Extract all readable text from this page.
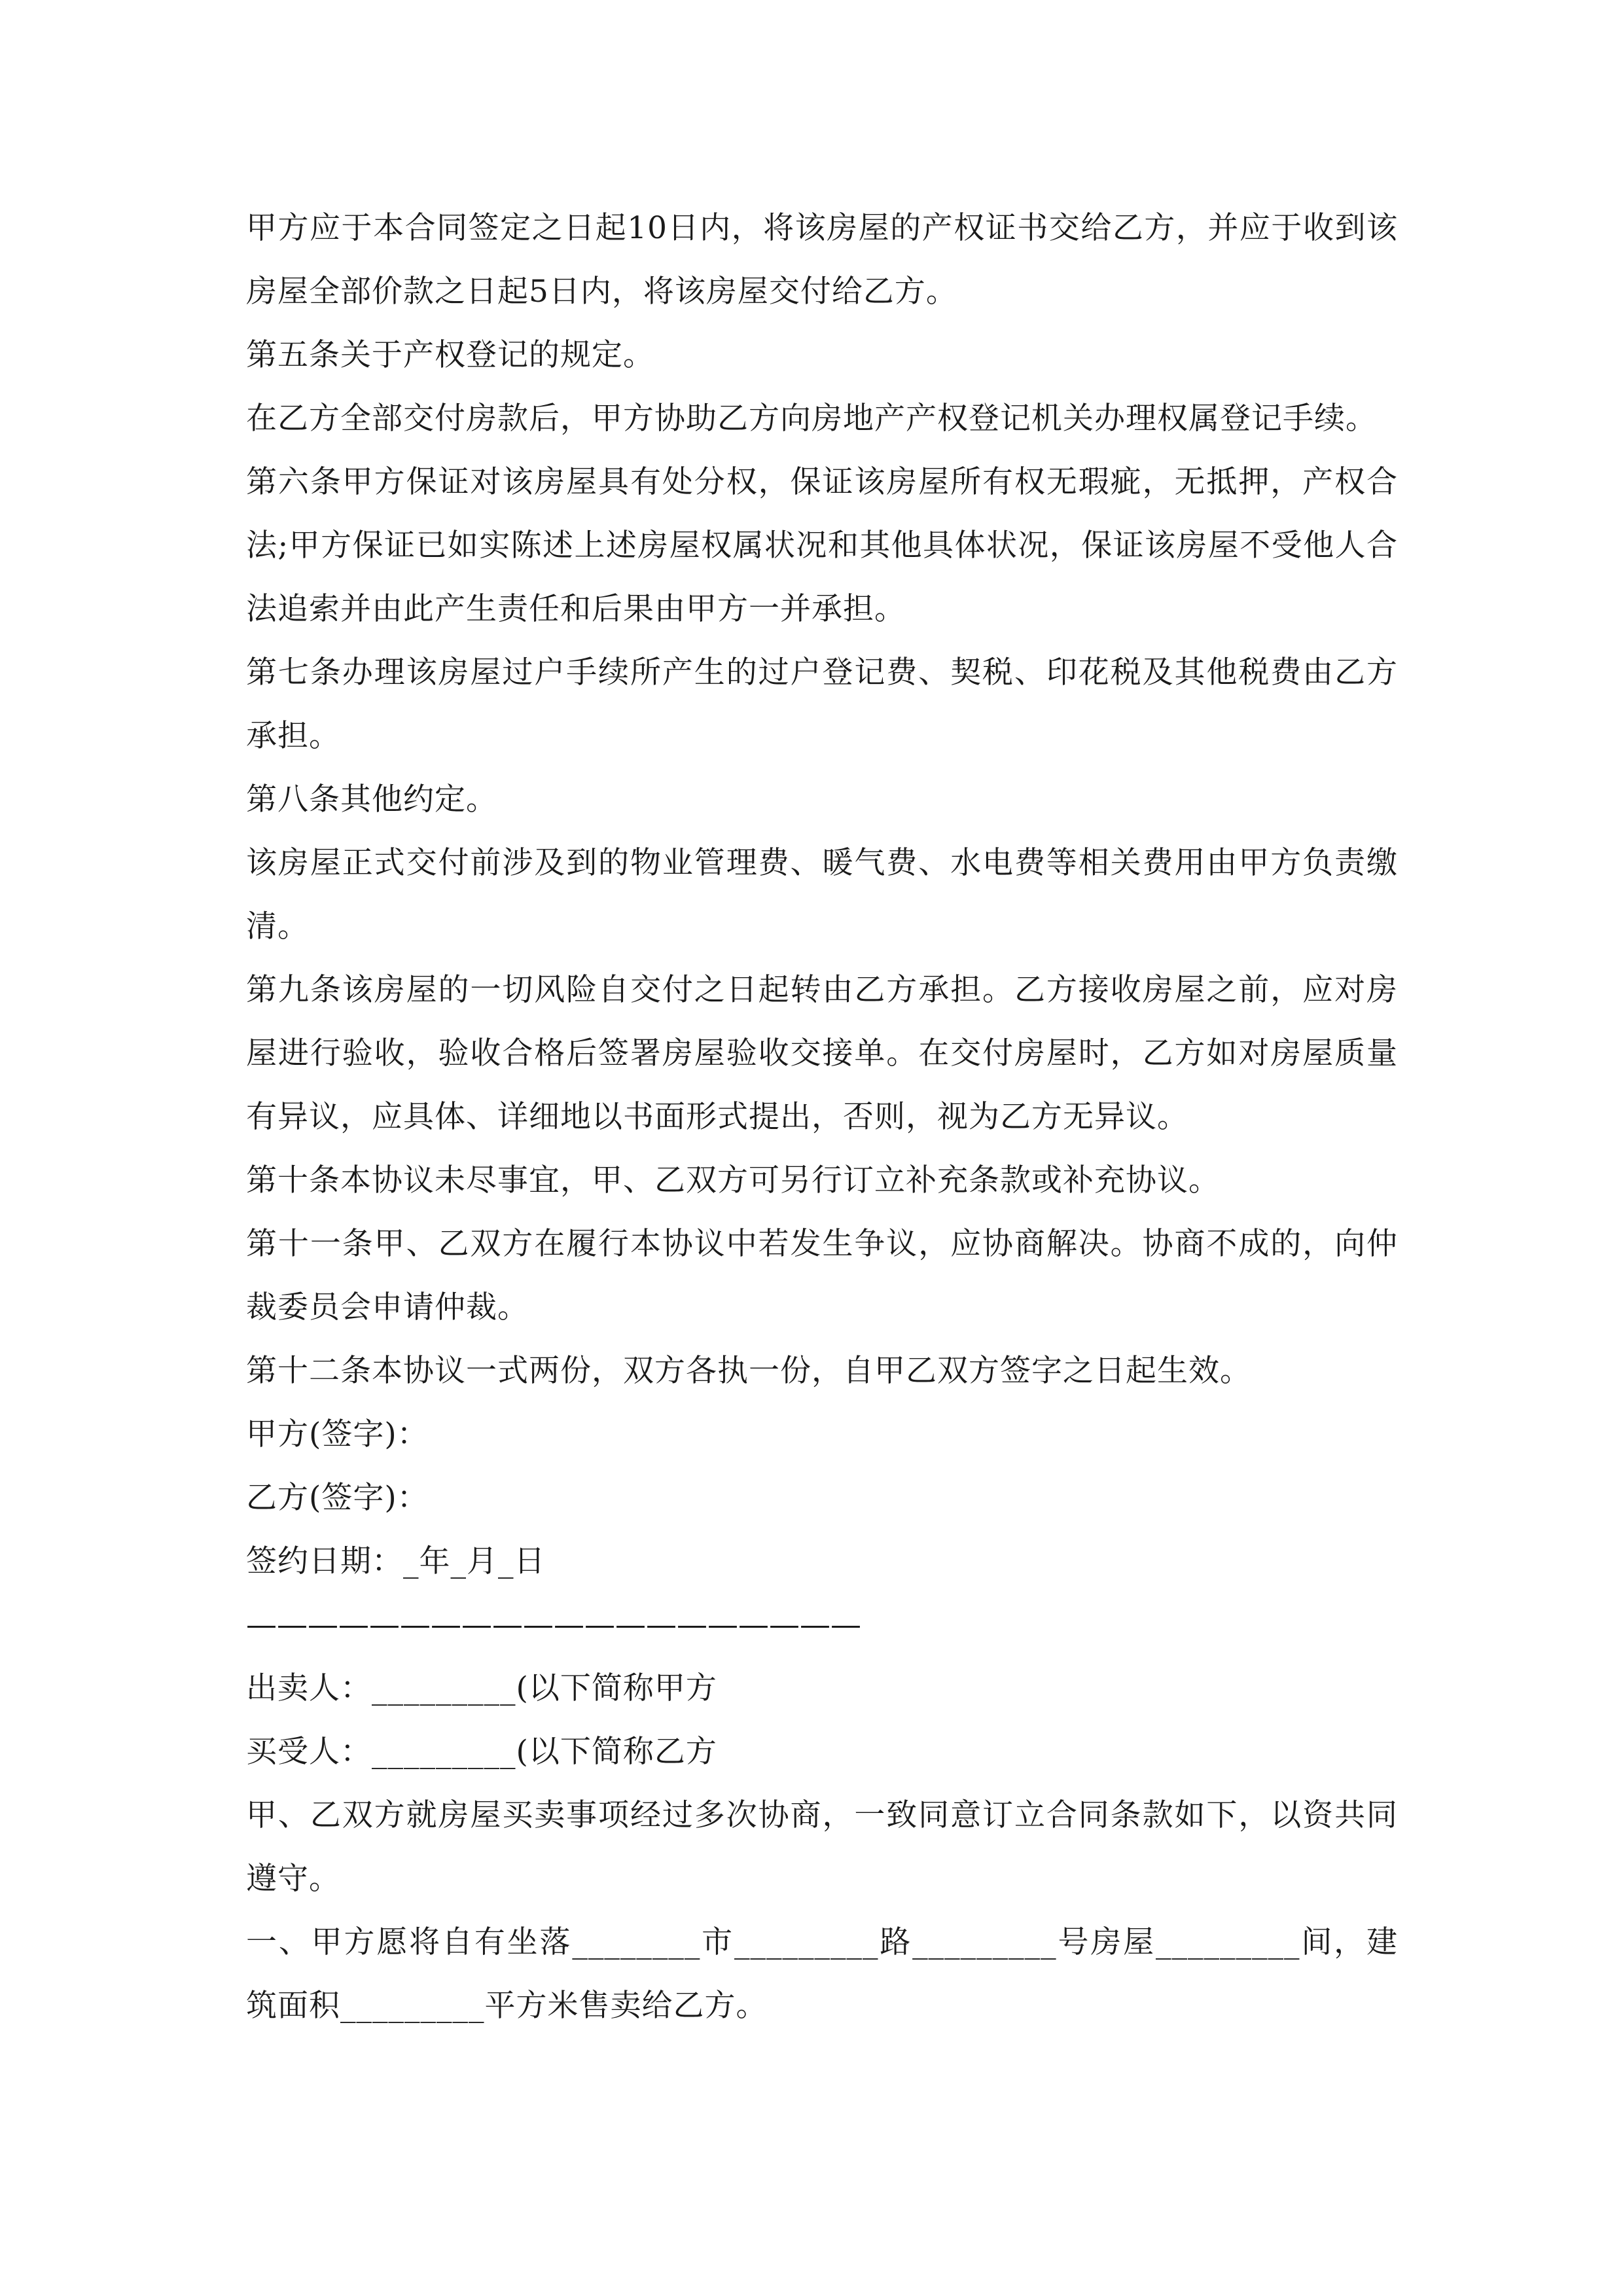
甲方应于本合同签定之日起10日内，将该房屋的产权证书交给乙方，并应于收到该房屋全部价款之日起5日内，将该房屋交付给乙方。

第五条关于产权登记的规定。

在乙方全部交付房款后，甲方协助乙方向房地产产权登记机关办理权属登记手续。

第六条甲方保证对该房屋具有处分权，保证该房屋所有权无瑕疵，无抵押，产权合法;甲方保证已如实陈述上述房屋权属状况和其他具体状况，保证该房屋不受他人合法追索并由此产生责任和后果由甲方一并承担。

第七条办理该房屋过户手续所产生的过户登记费、契税、印花税及其他税费由乙方承担。

第八条其他约定。

该房屋正式交付前涉及到的物业管理费、暖气费、水电费等相关费用由甲方负责缴清。

第九条该房屋的一切风险自交付之日起转由乙方承担。乙方接收房屋之前，应对房屋进行验收，验收合格后签署房屋验收交接单。在交付房屋时，乙方如对房屋质量有异议，应具体、详细地以书面形式提出，否则，视为乙方无异议。

第十条本协议未尽事宜，甲、乙双方可另行订立补充条款或补充协议。

第十一条甲、乙双方在履行本协议中若发生争议，应协商解决。协商不成的，向仲裁委员会申请仲裁。

第十二条本协议一式两份，双方各执一份，自甲乙双方签字之日起生效。

甲方(签字)：

乙方(签字)：

签约日期：_年_月_日

————————————————————

出卖人：_________(以下简称甲方

买受人：_________(以下简称乙方

甲、乙双方就房屋买卖事项经过多次协商，一致同意订立合同条款如下，以资共同遵守。

一、甲方愿将自有坐落________市_________路_________号房屋_________间，建筑面积_________平方米售卖给乙方。
